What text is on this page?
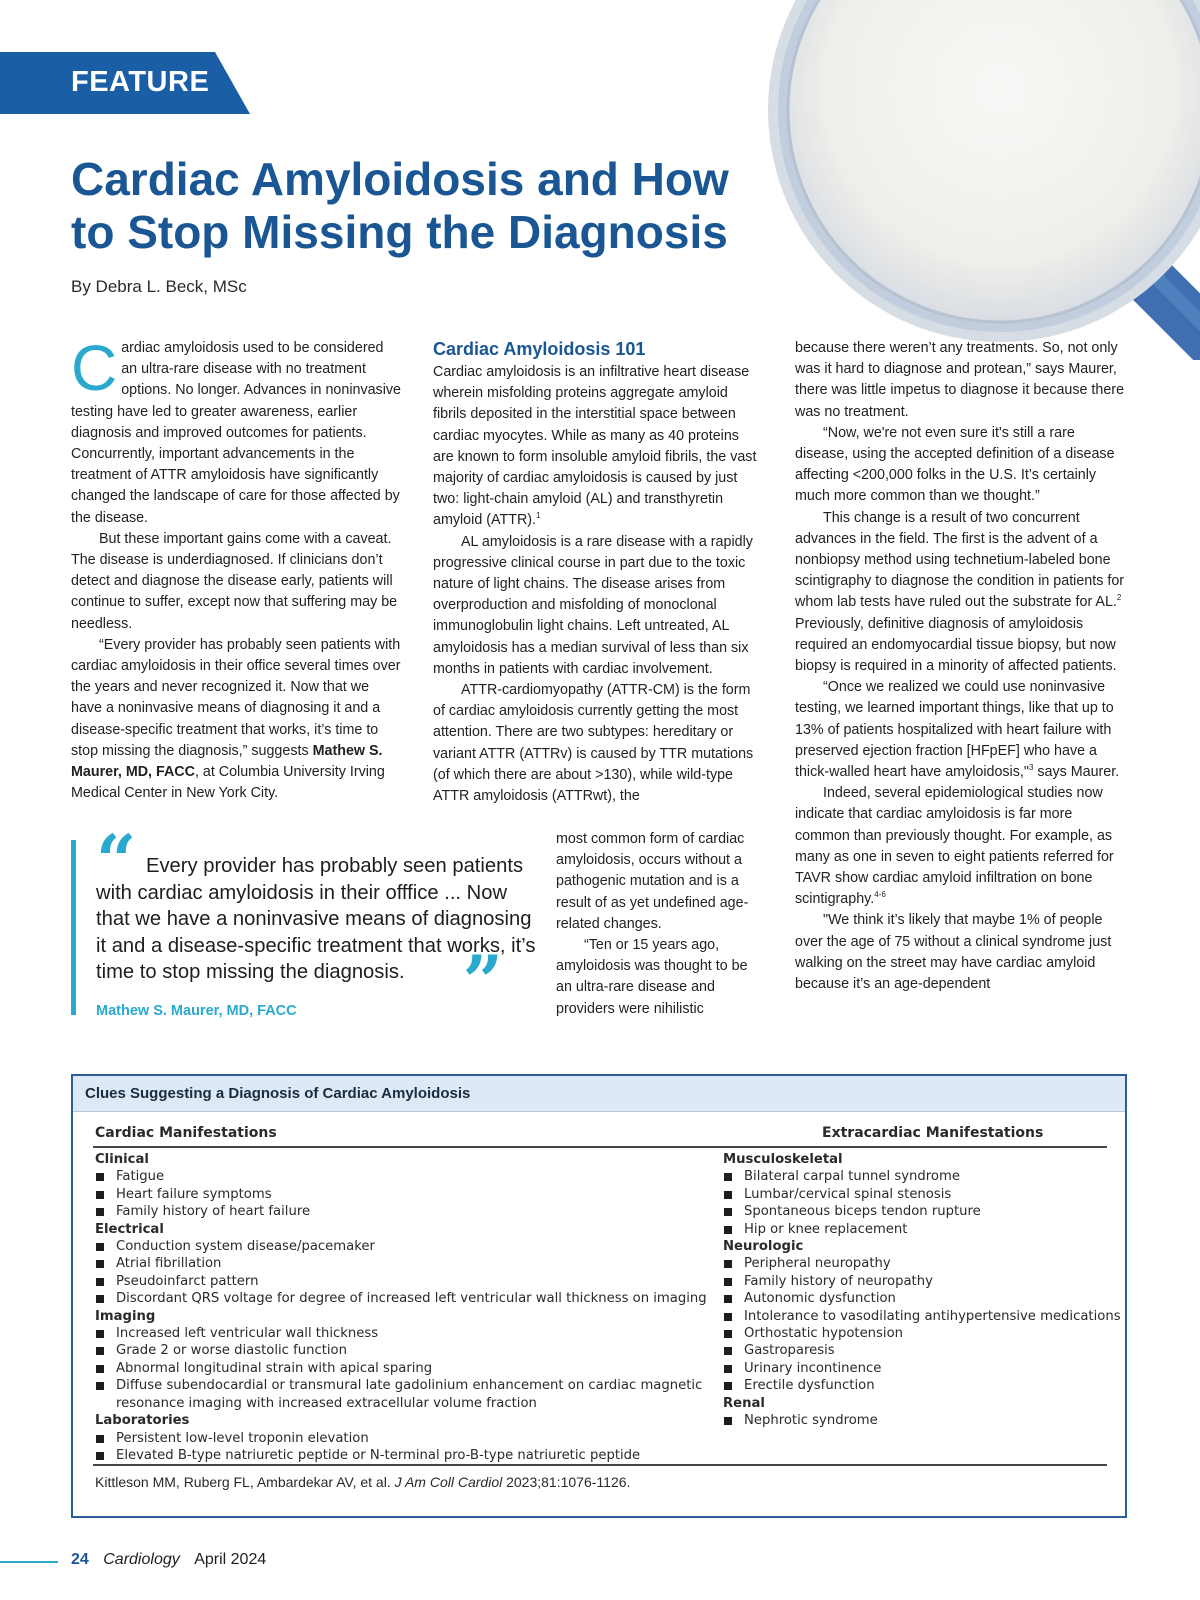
FEATURE
Cardiac Amyloidosis and How
to Stop Missing the Diagnosis
By Debra L. Beck, MSc

Cardiac amyloidosis used to be considered an ultra-rare disease with no treatment options. No longer. Advances in noninvasive testing have led to greater awareness, earlier diagnosis and improved outcomes for patients. Concurrently, important advancements in the treatment of ATTR amyloidosis have significantly changed the landscape of care for those affected by the disease.

But these important gains come with a caveat. The disease is underdiagnosed. If clinicians don’t detect and diagnose the disease early, patients will continue to suffer, except now that suffering may be needless.

“Every provider has probably seen patients with cardiac amyloidosis in their office several times over the years and never recognized it. Now that we have a noninvasive means of diagnosing it and a disease-specific treatment that works, it’s time to stop missing the diagnosis,” suggests Mathew S. Maurer, MD, FACC, at Columbia University Irving Medical Center in New York City.

Cardiac Amyloidosis 101

Cardiac amyloidosis is an infiltrative heart disease wherein misfolding proteins aggregate amyloid fibrils deposited in the interstitial space between cardiac myocytes. While as many as 40 proteins are known to form insoluble amyloid fibrils, the vast majority of cardiac amyloidosis is caused by just two: light-chain amyloid (AL) and transthyretin amyloid (ATTR).$^1$

AL amyloidosis is a rare disease with a rapidly progressive clinical course in part due to the toxic nature of light chains. The disease arises from overproduction and misfolding of monoclonal immunoglobulin light chains. Left untreated, AL amyloidosis has a median survival of less than six months in patients with cardiac involvement.

ATTR-cardiomyopathy (ATTR-CM) is the form of cardiac amyloidosis currently getting the most attention. There are two subtypes: hereditary or variant ATTR (ATTRv) is caused by TTR mutations (of which there are about >130), while wild-type ATTR amyloidosis (ATTRwt), the

most common form of cardiac amyloidosis, occurs without a pathogenic mutation and is a result of as yet undefined age-related changes.

“Ten or 15 years ago, amyloidosis was thought to be an ultra-rare disease and providers were nihilistic

because there weren’t any treatments. So, not only was it hard to diagnose and protean,” says Maurer, there was little impetus to diagnose it because there was no treatment.

“Now, we're not even sure it's still a rare disease, using the accepted definition of a disease affecting <200,000 folks in the U.S. It’s certainly much more common than we thought.”

This change is a result of two concurrent advances in the field. The first is the advent of a nonbiopsy method using technetium-labeled bone scintigraphy to diagnose the condition in patients for whom lab tests have ruled out the substrate for AL.$^2$ Previously, definitive diagnosis of amyloidosis required an endomyocardial tissue biopsy, but now biopsy is required in a minority of affected patients.

“Once we realized we could use noninvasive testing, we learned important things, like that up to 13% of patients hospitalized with heart failure with preserved ejection fraction [HFpEF] who have a thick-walled heart have amyloidosis,"$^3$ says Maurer.

Indeed, several epidemiological studies now indicate that cardiac amyloidosis is far more common than previously thought. For example, as many as one in seven to eight patients referred for TAVR show cardiac amyloid infiltration on bone scintigraphy.$^{4-6}$

"We think it’s likely that maybe 1% of people over the age of 75 without a clinical syndrome just walking on the street may have cardiac amyloid because it’s an age-dependent

“ Every provider has probably seen patients with cardiac amyloidosis in their offfice ... Now that we have a noninvasive means of diagnosing it and a disease-specific treatment that works, it’s time to stop missing the diagnosis. ”
Mathew S. Maurer, MD, FACC
Clues Suggesting a Diagnosis of Cardiac Amyloidosis
Cardiac Manifestations	Extracardiac Manifestations
Clinical
Fatigue
Heart failure symptoms
Family history of heart failure
Electrical
Conduction system disease/pacemaker
Atrial fibrillation
Pseudoinfarct pattern
Discordant QRS voltage for degree of increased left ventricular wall thickness on imaging
Imaging
Increased left ventricular wall thickness
Grade 2 or worse diastolic function
Abnormal longitudinal strain with apical sparing
Diffuse subendocardial or transmural late gadolinium enhancement on cardiac magnetic resonance imaging with increased extracellular volume fraction
Laboratories
Persistent low-level troponin elevation
Elevated B-type natriuretic peptide or N-terminal pro-B-type natriuretic peptide
Musculoskeletal
Bilateral carpal tunnel syndrome
Lumbar/cervical spinal stenosis
Spontaneous biceps tendon rupture
Hip or knee replacement
Neurologic
Peripheral neuropathy
Family history of neuropathy
Autonomic dysfunction
Intolerance to vasodilating antihypertensive medications
Orthostatic hypotension
Gastroparesis
Urinary incontinence
Erectile dysfunction
Renal
Nephrotic syndrome
Kittleson MM, Ruberg FL, Ambardekar AV, et al. J Am Coll Cardiol 2023;81:1076-1126.
24 Cardiology April 2024
